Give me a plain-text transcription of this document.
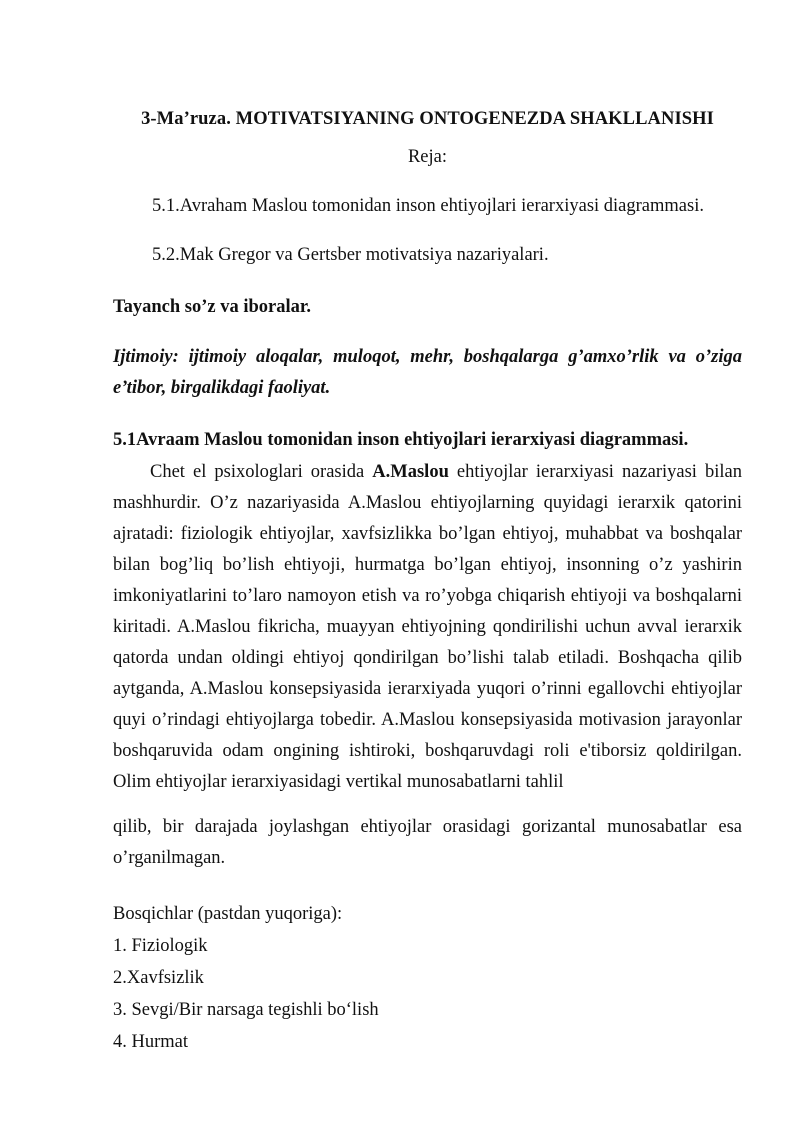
3-Ma’ruza. MOTIVATSIYANING ONTOGENEZDA SHAKLLANISHI

Reja:

5.1.Avraham Maslou tomonidan inson ehtiyojlari ierarxiyasi diagrammasi.

5.2.Mak Gregor va Gertsber motivatsiya nazariyalari.

Tayanch so’z va iboralar.

Ijtimoiy: ijtimoiy aloqalar, muloqot, mehr, boshqalarga g’amxo’rlik va o’ziga
e’tibor, birgalikdagi faoliyat.

5.1Avraam Maslou tomonidan inson ehtiyojlari ierarxiyasi diagrammasi.

Chet el psixologlari orasida A.Maslou ehtiyojlar ierarxiyasi nazariyasi bilan
mashhurdir. O’z nazariyasida A.Maslou ehtiyojlarning quyidagi ierarxik qatorini
ajratadi: fiziologik ehtiyojlar, xavfsizlikka bo’lgan ehtiyoj, muhabbat va boshqalar
bilan bog’liq bo’lish ehtiyoji, hurmatga bo’lgan ehtiyoj, insonning o’z yashirin
imkoniyatlarini to’laro namoyon etish va ro’yobga chiqarish ehtiyoji va boshqalarni
kiritadi. A.Maslou fikricha, muayyan ehtiyojning qondirilishi uchun avval ierarxik
qatorda undan oldingi ehtiyoj qondirilgan bo’lishi talab etiladi. Boshqacha qilib
aytganda, A.Maslou konsepsiyasida ierarxiyada yuqori o’rinni egallovchi ehtiyojlar
quyi o’rindagi ehtiyojlarga tobedir. A.Maslou konsepsiyasida motivasion jarayonlar
boshqaruvida odam ongining ishtiroki, boshqaruvdagi roli e'tiborsiz qoldirilgan.
Olim ehtiyojlar ierarxiyasidagi vertikal munosabatlarni tahlil
qilib, bir darajada joylashgan ehtiyojlar orasidagi gorizantal munosabatlar esa
o’rganilmagan.

Bosqichlar (pastdan yuqoriga):

1. Fiziologik
2.Xavfsizlik
3. Sevgi/Bir narsaga tegishli bo‘lish
4. Hurmat
